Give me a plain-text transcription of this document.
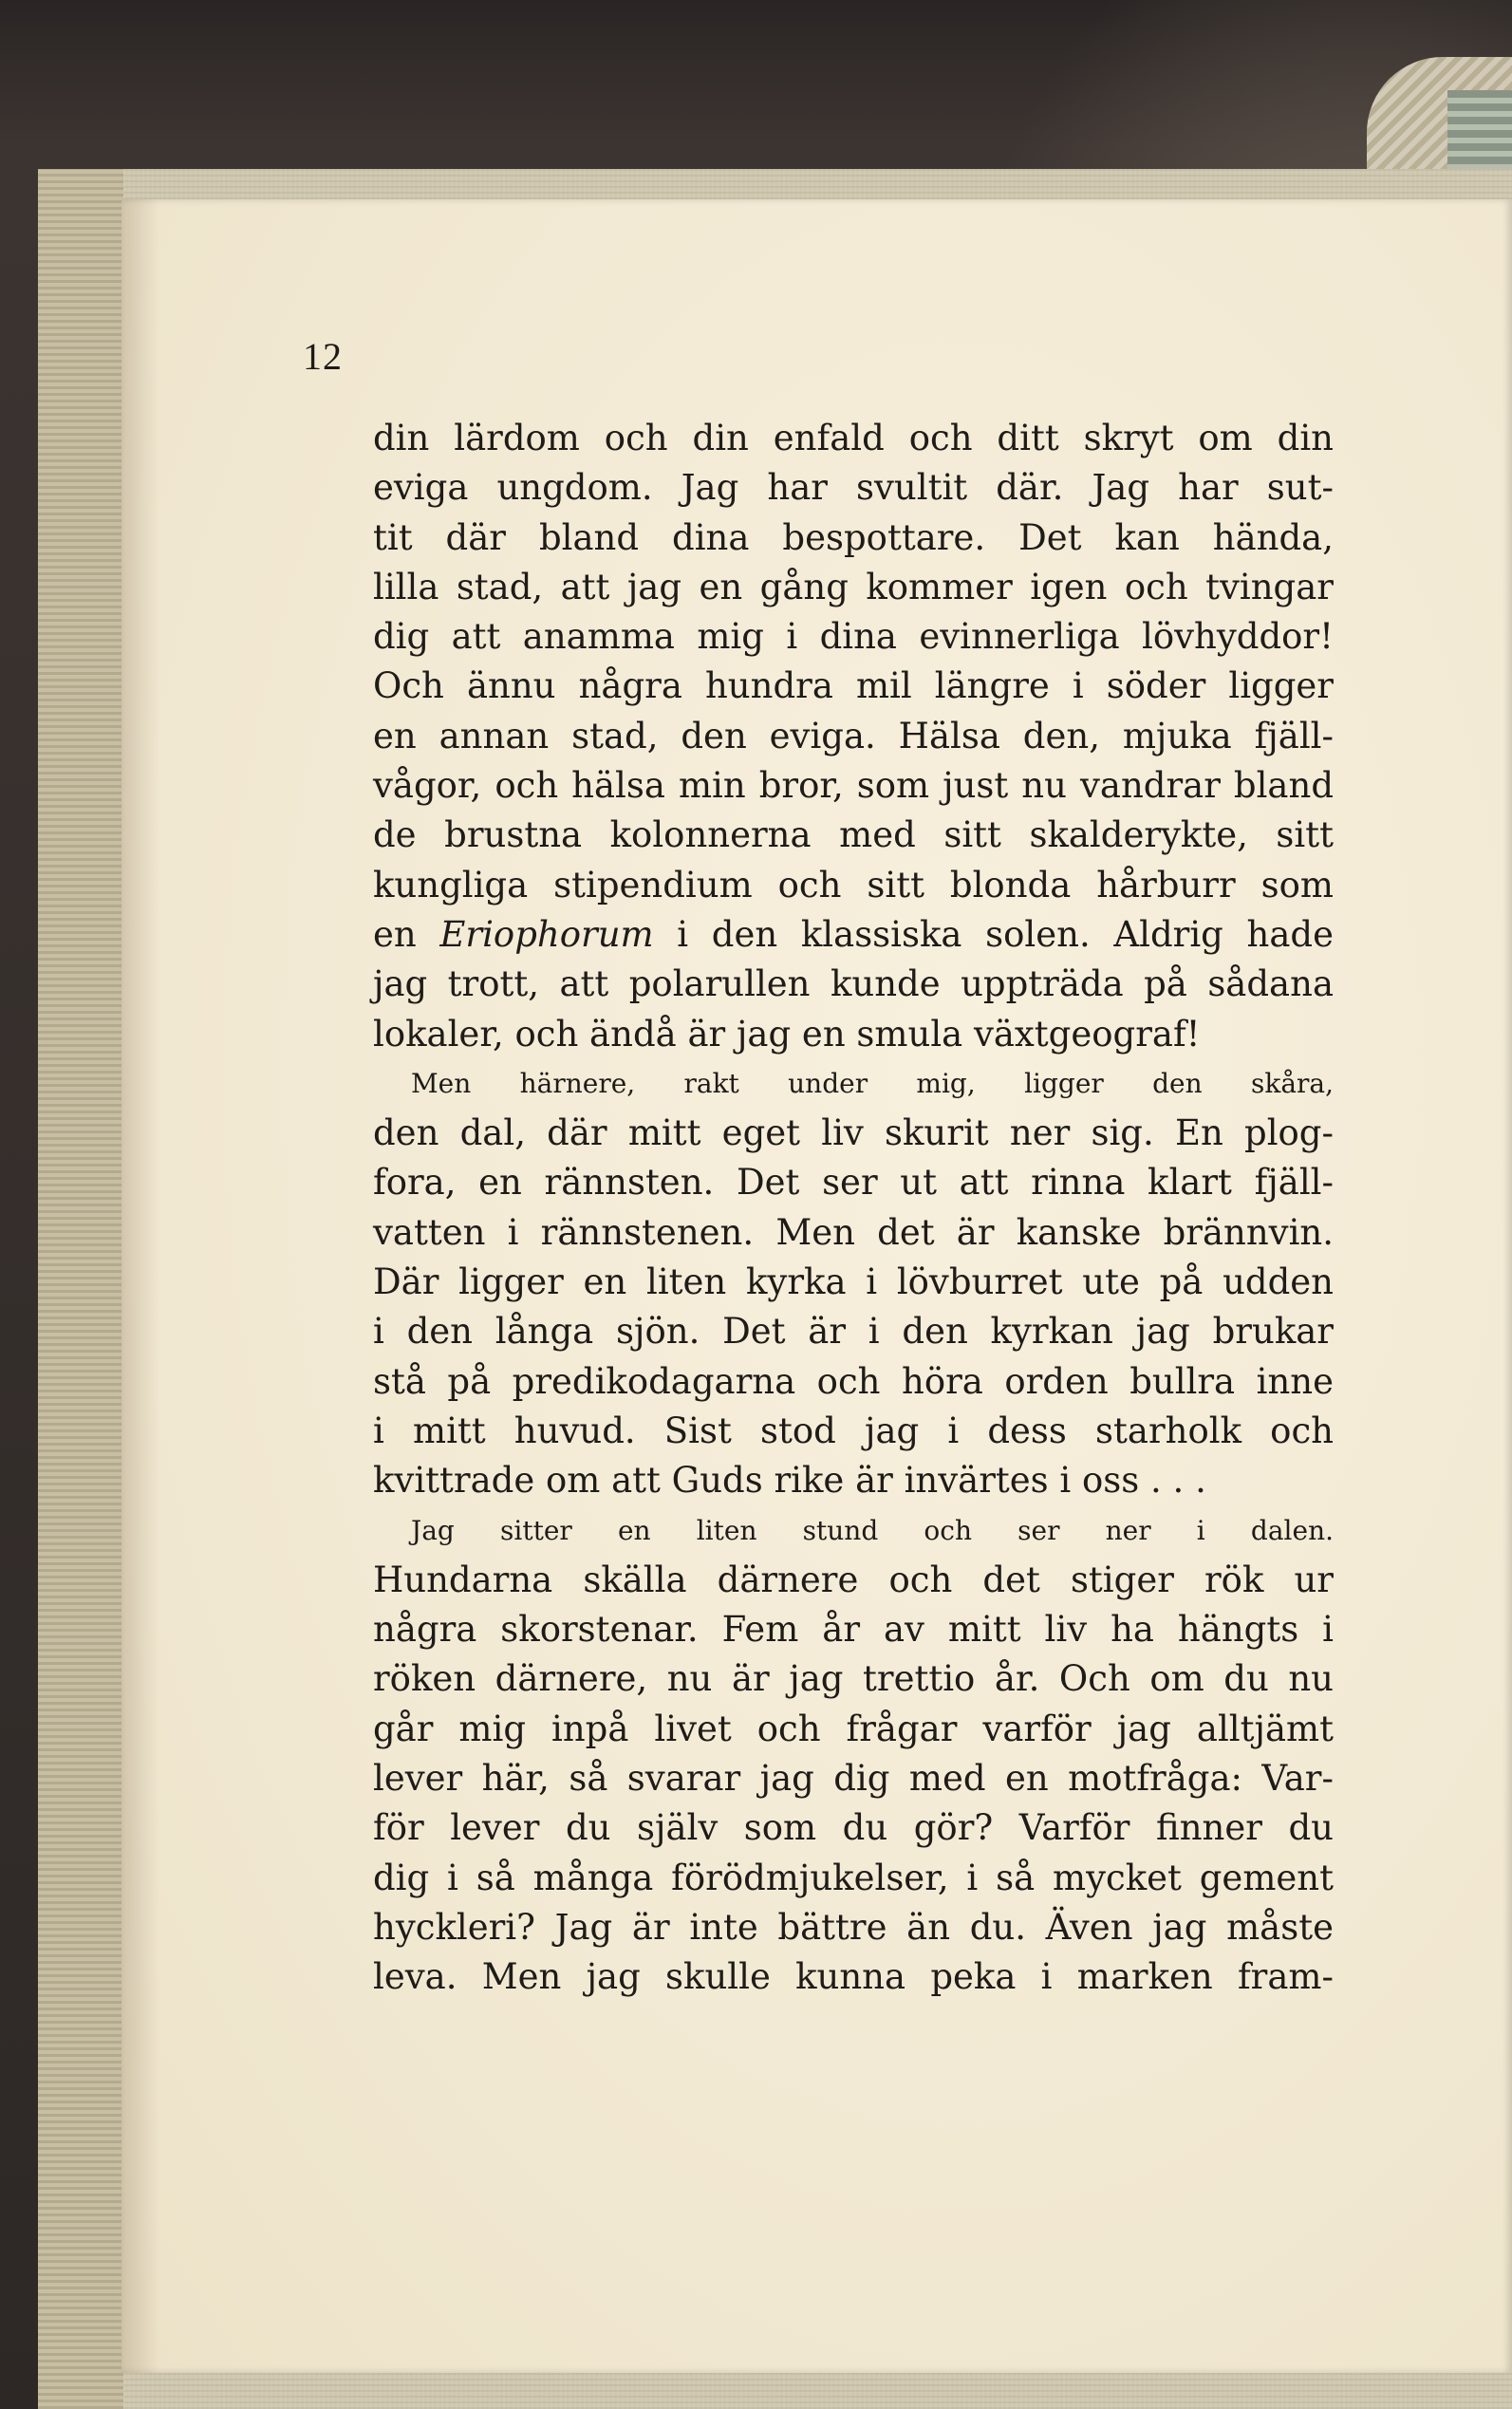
12
din lärdom och din enfald och ditt skryt om din
eviga ungdom. Jag har svultit där. Jag har sut-
tit där bland dina bespottare. Det kan hända,
lilla stad, att jag en gång kommer igen och tvingar
dig att anamma mig i dina evinnerliga lövhyddor!
Och ännu några hundra mil längre i söder ligger
en annan stad, den eviga. Hälsa den, mjuka fjäll-
vågor, och hälsa min bror, som just nu vandrar bland
de brustna kolonnerna med sitt skalderykte, sitt
kungliga stipendium och sitt blonda hårburr som
en Eriophorum i den klassiska solen. Aldrig hade
jag trott, att polarullen kunde uppträda på sådana
lokaler, och ändå är jag en smula växtgeograf!
Men härnere, rakt under mig, ligger den skåra,
den dal, där mitt eget liv skurit ner sig. En plog-
fora, en rännsten. Det ser ut att rinna klart fjäll-
vatten i rännstenen. Men det är kanske brännvin.
Där ligger en liten kyrka i lövburret ute på udden
i den långa sjön. Det är i den kyrkan jag brukar
stå på predikodagarna och höra orden bullra inne
i mitt huvud. Sist stod jag i dess starholk och
kvittrade om att Guds rike är invärtes i oss . . .
Jag sitter en liten stund och ser ner i dalen.
Hundarna skälla därnere och det stiger rök ur
några skorstenar. Fem år av mitt liv ha hängts i
röken därnere, nu är jag trettio år. Och om du nu
går mig inpå livet och frågar varför jag alltjämt
lever här, så svarar jag dig med en motfråga: Var-
för lever du själv som du gör? Varför finner du
dig i så många förödmjukelser, i så mycket gement
hyckleri? Jag är inte bättre än du. Även jag måste
leva. Men jag skulle kunna peka i marken fram-
